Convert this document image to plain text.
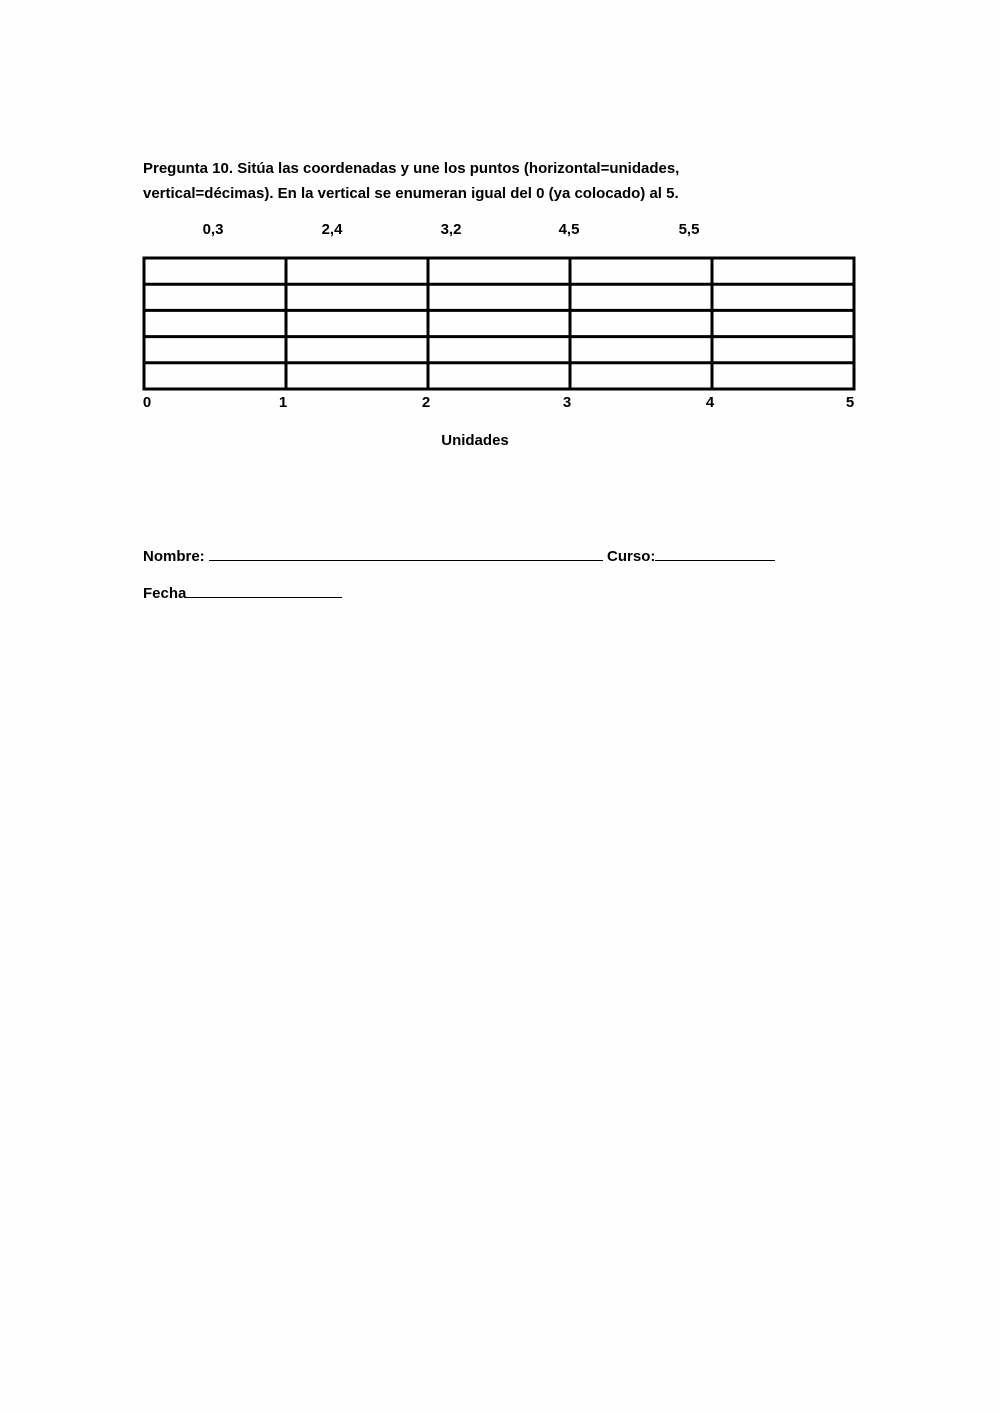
Pregunta 10. Sitúa las coordenadas y une los puntos (horizontal=unidades,
vertical=décimas). En la vertical se enumeran igual del 0 (ya colocado) al 5.
0,3	2,4	3,2	4,5	5,5
0	1	2	3	4	5
Unidades
Nombre:	Curso:
Fecha
